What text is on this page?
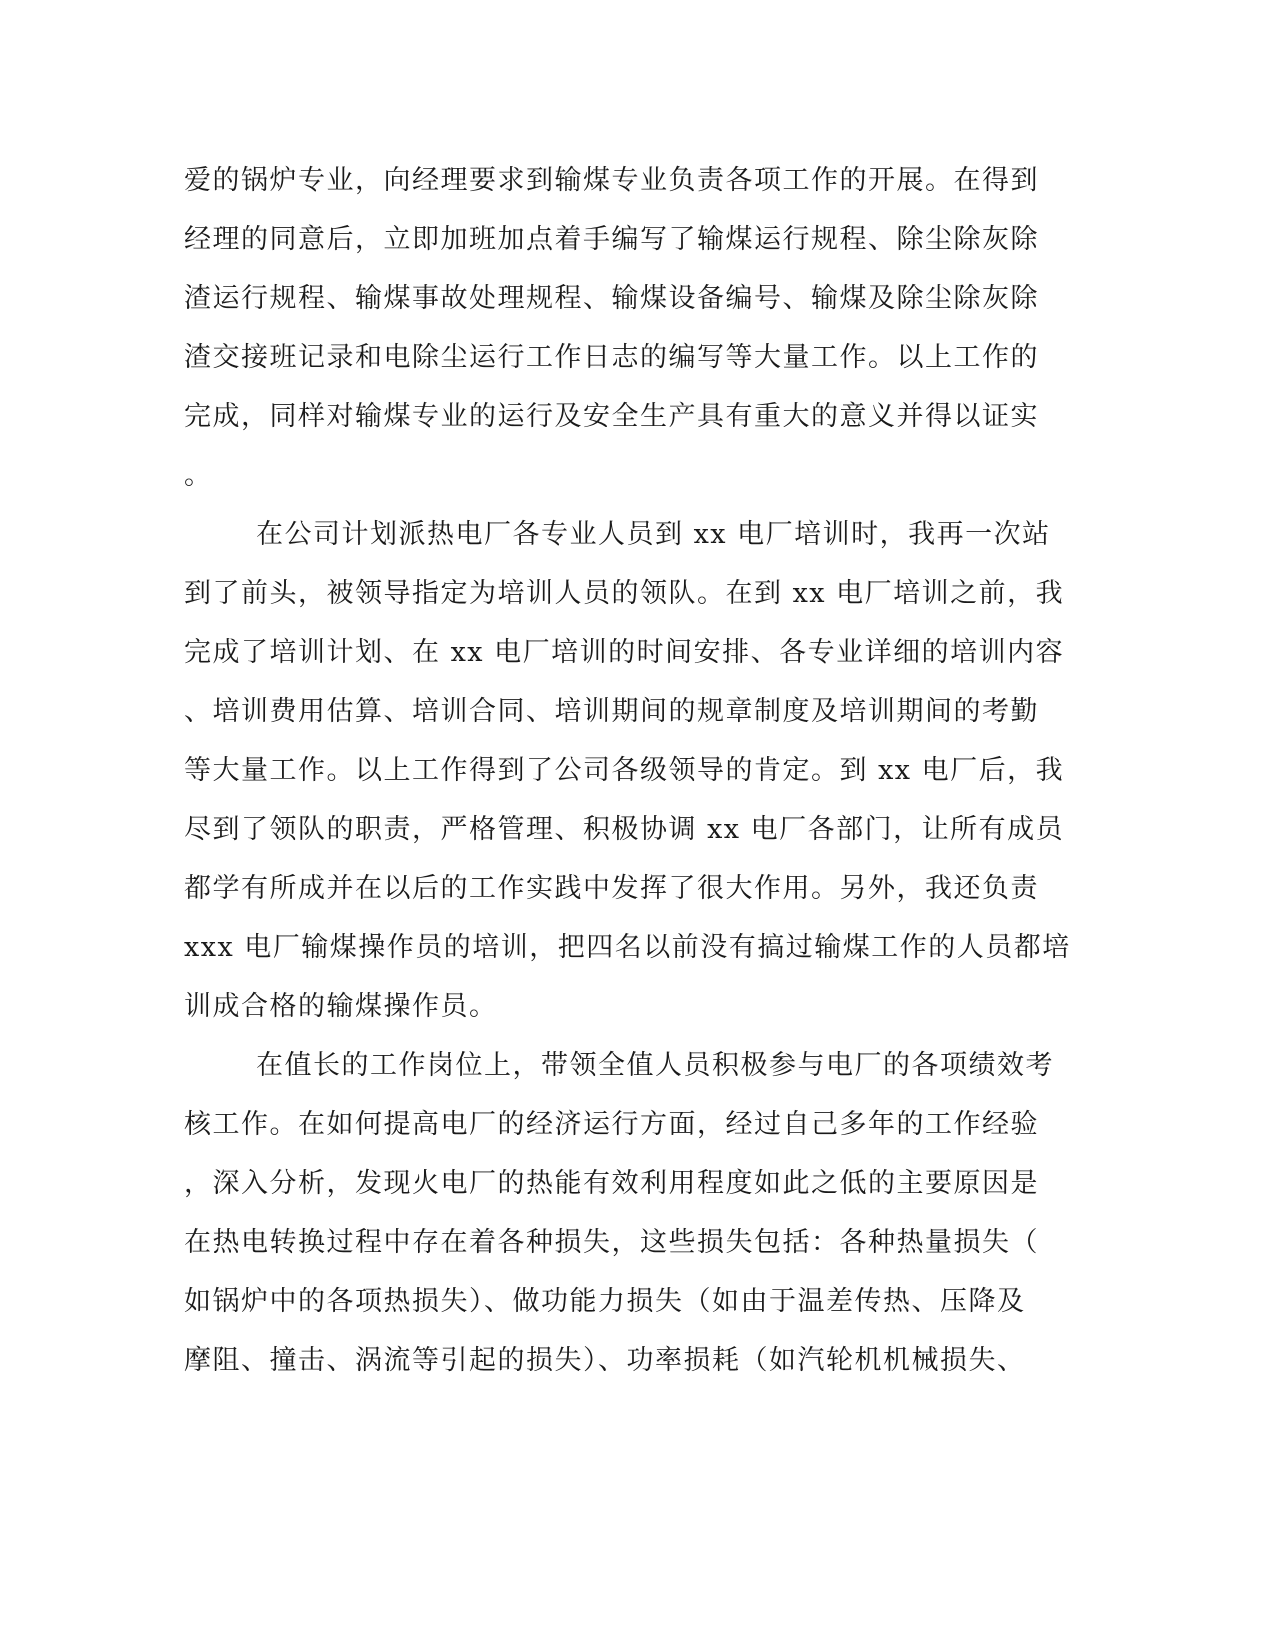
爱的锅炉专业，向经理要求到输煤专业负责各项工作的开展。在得到
经理的同意后，立即加班加点着手编写了输煤运行规程、除尘除灰除
渣运行规程、输煤事故处理规程、输煤设备编号、输煤及除尘除灰除
渣交接班记录和电除尘运行工作日志的编写等大量工作。以上工作的
完成，同样对输煤专业的运行及安全生产具有重大的意义并得以证实
。
在公司计划派热电厂各专业人员到 xx 电厂培训时，我再一次站
到了前头，被领导指定为培训人员的领队。在到 xx 电厂培训之前，我
完成了培训计划、在 xx 电厂培训的时间安排、各专业详细的培训内容
、培训费用估算、培训合同、培训期间的规章制度及培训期间的考勤
等大量工作。以上工作得到了公司各级领导的肯定。到 xx 电厂后，我
尽到了领队的职责，严格管理、积极协调 xx 电厂各部门，让所有成员
都学有所成并在以后的工作实践中发挥了很大作用。另外，我还负责
xxx 电厂输煤操作员的培训，把四名以前没有搞过输煤工作的人员都培
训成合格的输煤操作员。
在值长的工作岗位上，带领全值人员积极参与电厂的各项绩效考
核工作。在如何提高电厂的经济运行方面，经过自己多年的工作经验
，深入分析，发现火电厂的热能有效利用程度如此之低的主要原因是
在热电转换过程中存在着各种损失，这些损失包括：各种热量损失（
如锅炉中的各项热损失）、做功能力损失（如由于温差传热、压降及
摩阻、撞击、涡流等引起的损失）、功率损耗（如汽轮机机械损失、
